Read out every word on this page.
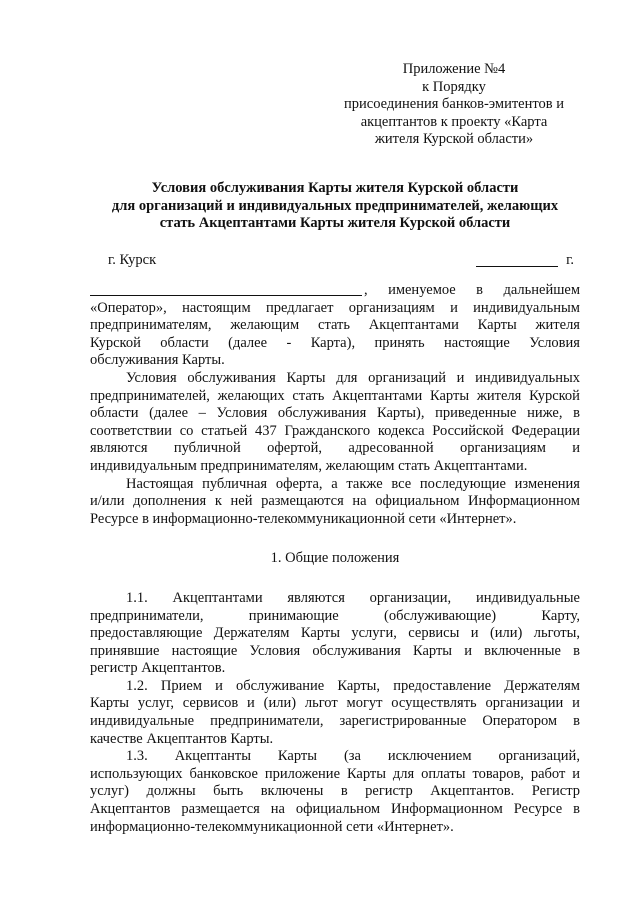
Приложение №4
к Порядку
присоединения банков-эмитентов и
акцептантов к проекту «Карта
жителя Курской области»
Условия обслуживания Карты жителя Курской области
для организаций и индивидуальных предпринимателей, желающих
стать Акцептантами Карты жителя Курской области
г. Курск	г.
, именуемое в дальнейшем
«Оператор», настоящим предлагает организациям и индивидуальным
предпринимателям, желающим стать Акцептантами Карты жителя
Курской области (далее - Карта), принять настоящие Условия
обслуживания Карты.
Условия обслуживания Карты для организаций и индивидуальных
предпринимателей, желающих стать Акцептантами Карты жителя Курской
области (далее – Условия обслуживания Карты), приведенные ниже, в
соответствии со статьей 437 Гражданского кодекса Российской Федерации
являются публичной офертой, адресованной организациям и
индивидуальным предпринимателям, желающим стать Акцептантами.
Настоящая публичная оферта, а также все последующие изменения
и/или дополнения к ней размещаются на официальном Информационном
Ресурсе в информационно-телекоммуникационной сети «Интернет».
1. Общие положения
1.1. Акцептантами являются организации, индивидуальные
предприниматели,	принимающие	(обслуживающие)	Карту,
предоставляющие Держателям Карты услуги, сервисы и (или) льготы,
принявшие настоящие Условия обслуживания Карты и включенные в
регистр Акцептантов.
1.2. Прием и обслуживание Карты, предоставление Держателям
Карты услуг, сервисов и (или) льгот могут осуществлять организации и
индивидуальные предприниматели, зарегистрированные Оператором в
качестве Акцептантов Карты.
1.3. Акцептанты Карты (за исключением организаций,
использующих банковское приложение Карты для оплаты товаров, работ и
услуг) должны быть включены в регистр Акцептантов. Регистр
Акцептантов размещается на официальном Информационном Ресурсе в
информационно-телекоммуникационной сети «Интернет».
